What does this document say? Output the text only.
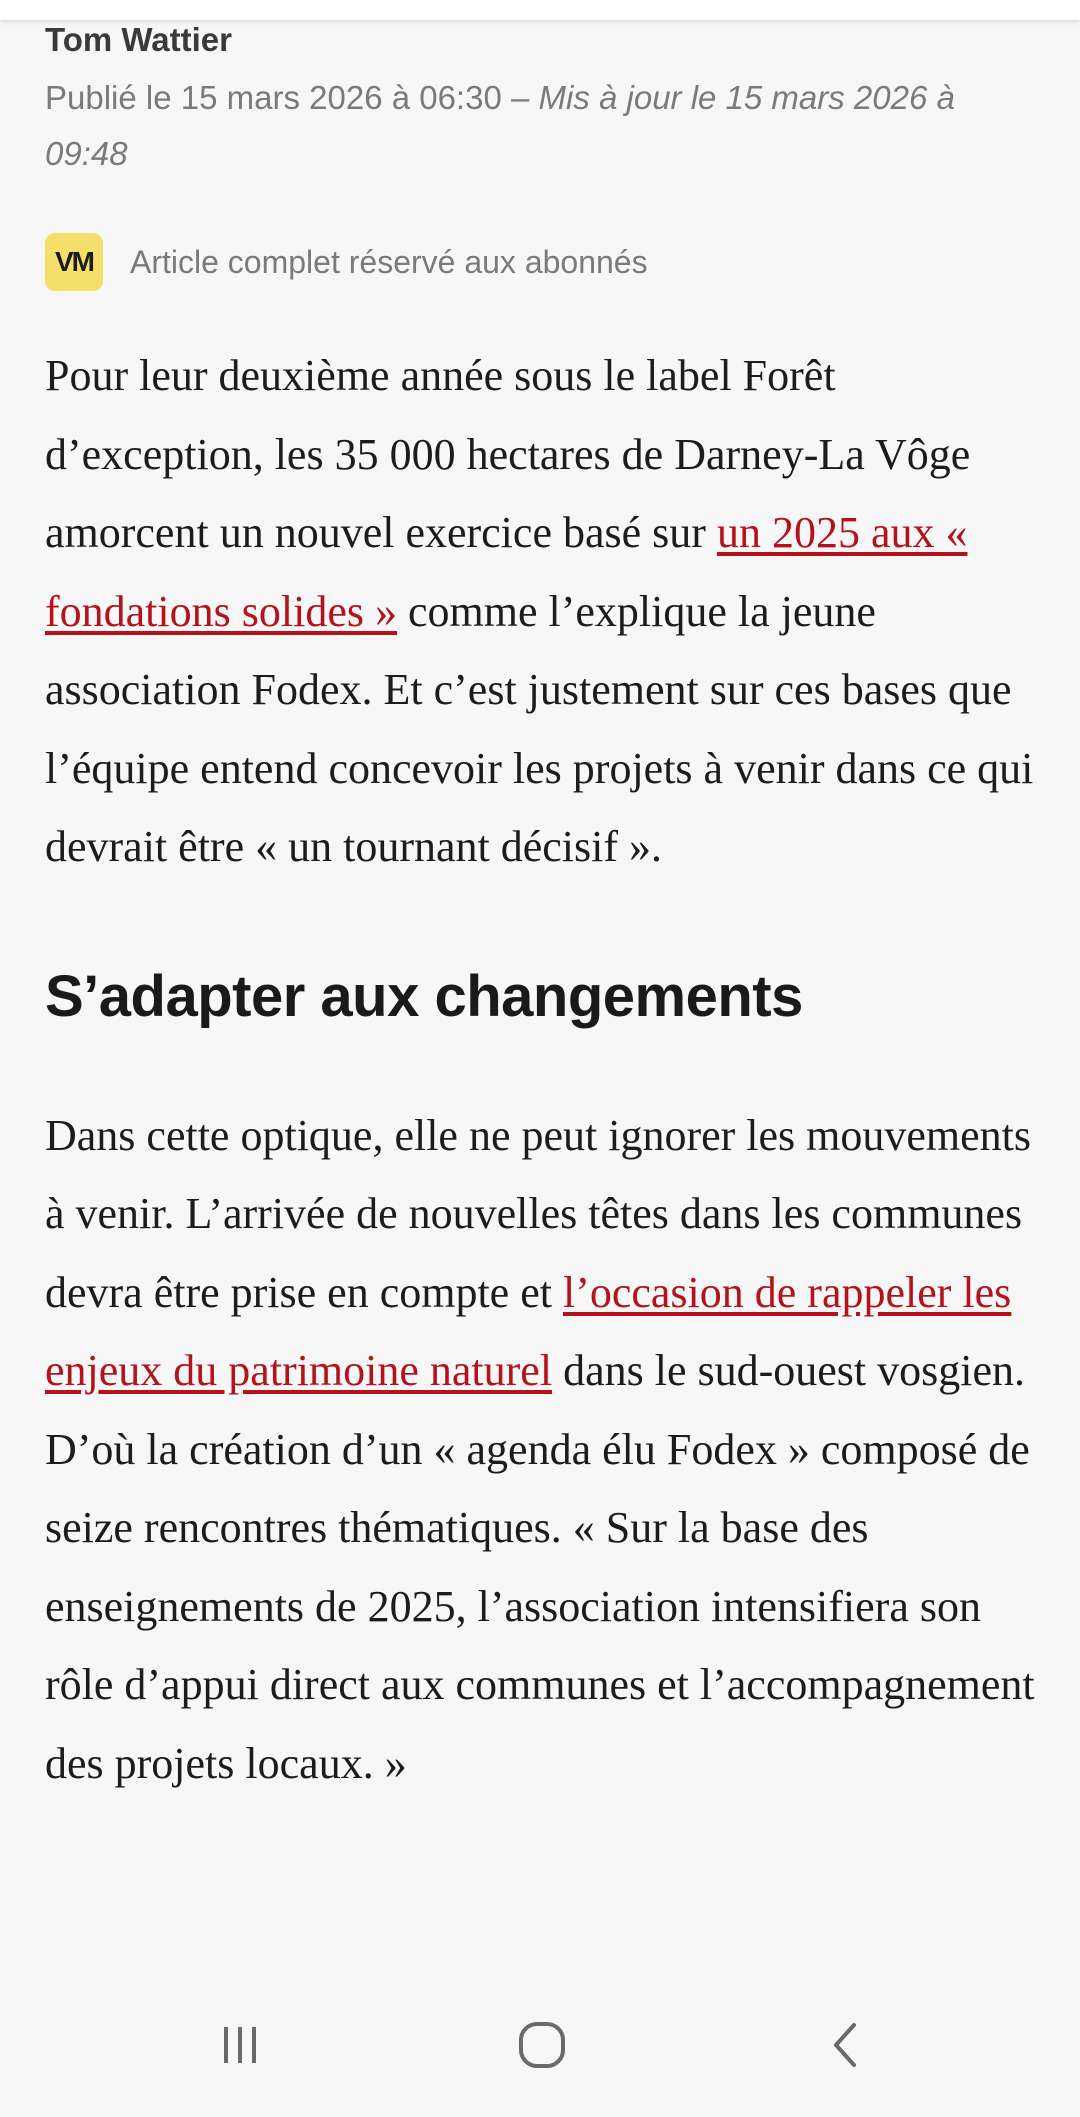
Tom Wattier
Publié le 15 mars 2026 à 06:30 – Mis à jour le 15 mars 2026 à 09:48
VM	Article complet réservé aux abonnés

Pour leur deuxième année sous le label Forêt d’exception, les 35 000 hectares de Darney-La Vôge amorcent un nouvel exercice basé sur un 2025 aux « fondations solides » comme l’explique la jeune association Fodex. Et c’est justement sur ces bases que l’équipe entend concevoir les projets à venir dans ce qui devrait être « un tournant décisif ».

S’adapter aux changements

Dans cette optique, elle ne peut ignorer les mouvements à venir. L’arrivée de nouvelles têtes dans les communes devra être prise en compte et l’occasion de rappeler les enjeux du patrimoine naturel dans le sud-ouest vosgien. D’où la création d’un « agenda élu Fodex » composé de seize rencontres thématiques. « Sur la base des enseignements de 2025, l’association intensifiera son rôle d’appui direct aux communes et l’accompagnement des projets locaux. »
